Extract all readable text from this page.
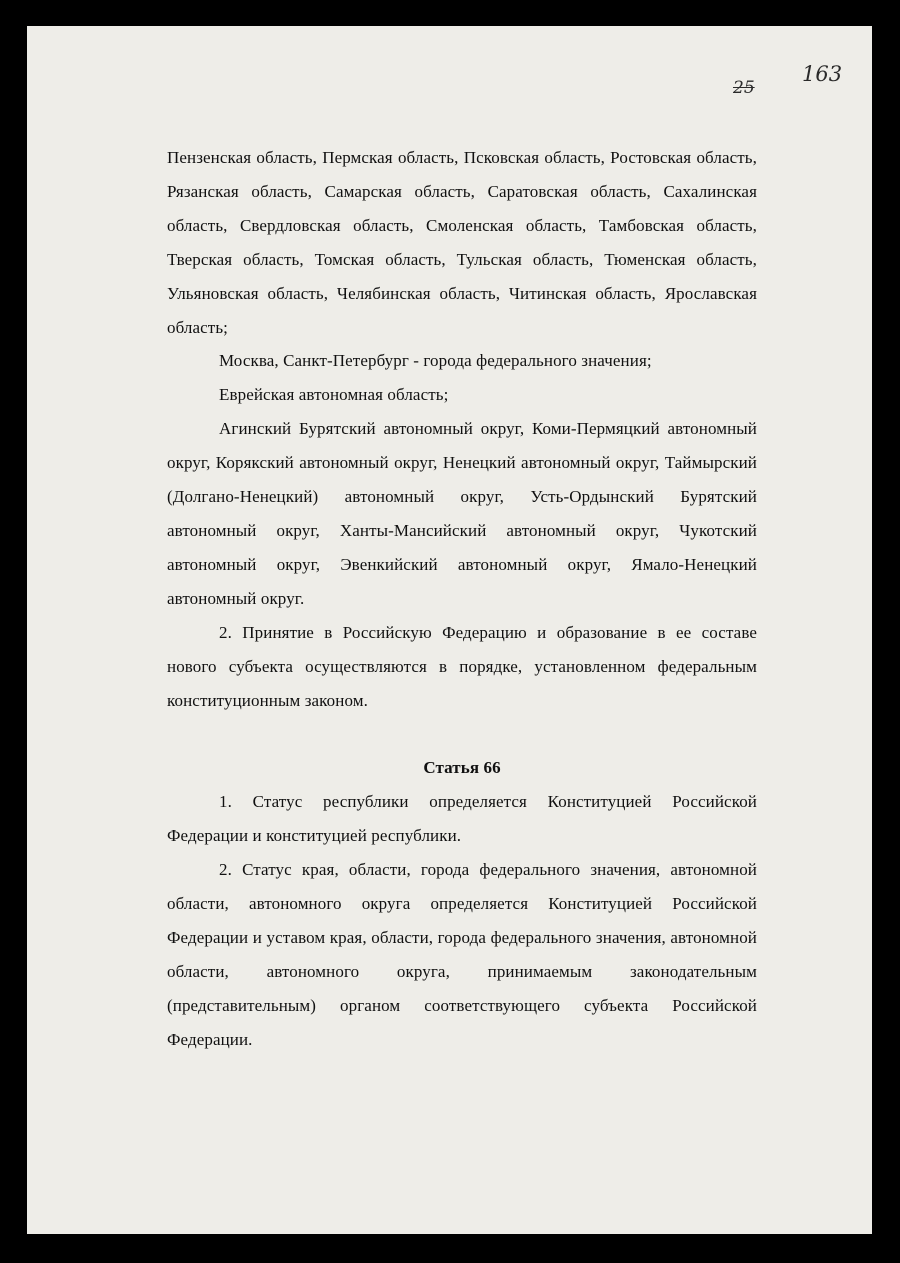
25
163

Пензенская область, Пермская область, Псковская область, Ростовская область, Рязанская область, Самарская область, Саратовская область, Сахалинская область, Свердловская область, Смоленская область, Тамбовская область, Тверская область, Томская область, Тульская область, Тюменская область, Ульяновская область, Челябинская область, Читинская область, Ярославская область;

Москва, Санкт-Петербург - города федерального значения;

Еврейская автономная область;

Агинский Бурятский автономный округ, Коми-Пермяцкий автономный округ, Корякский автономный округ, Ненецкий автономный округ, Таймырский (Долгано-Ненецкий) автономный округ, Усть-Ордынский Бурятский автономный округ, Ханты-Мансийский автономный округ, Чукотский автономный округ, Эвенкийский автономный округ, Ямало-Ненецкий автономный округ.

2. Принятие в Российскую Федерацию и образование в ее составе нового субъекта осуществляются в порядке, установленном федеральным конституционным законом.

Статья 66

1. Статус республики определяется Конституцией Российской Федерации и конституцией республики.

2. Статус края, области, города федерального значения, автономной области, автономного округа определяется Конституцией Российской Федерации и уставом края, области, города федерального значения, автономной области, автономного округа, принимаемым законодательным (представительным) органом соответствующего субъекта Российской Федерации.
